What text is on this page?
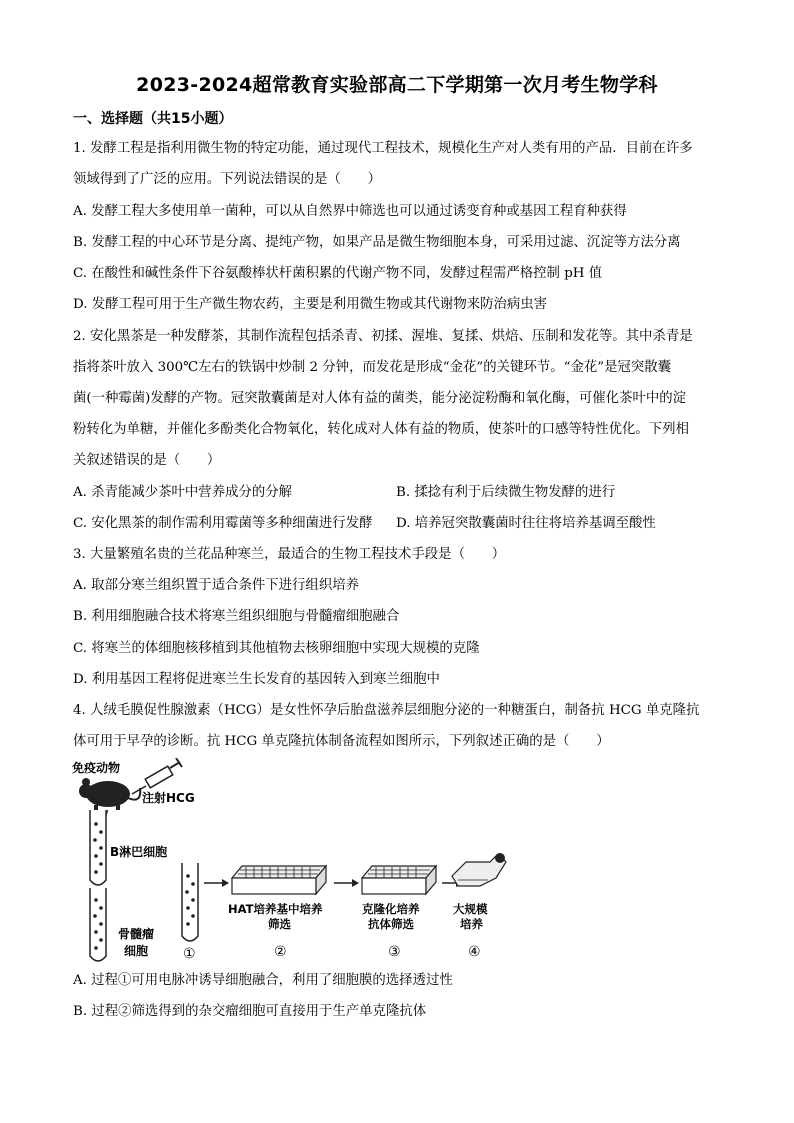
2023-2024超常教育实验部高二下学期第一次月考生物学科
一、选择题（共15小题）
1. 发酵工程是指利用微生物的特定功能，通过现代工程技术，规模化生产对人类有用的产品．目前在许多
领域得到了广泛的应用。下列说法错误的是（　　）
A. 发酵工程大多使用单一菌种，可以从自然界中筛选也可以通过诱变育种或基因工程育种获得
B. 发酵工程的中心环节是分离、提纯产物，如果产品是微生物细胞本身，可采用过滤、沉淀等方法分离
C. 在酸性和碱性条件下谷氨酸棒状杆菌积累的代谢产物不同，发酵过程需严格控制 pH 值
D. 发酵工程可用于生产微生物农药，主要是利用微生物或其代谢物来防治病虫害
2. 安化黑茶是一种发酵茶，其制作流程包括杀青、初揉、渥堆、复揉、烘焙、压制和发花等。其中杀青是
指将茶叶放入 300℃左右的铁锅中炒制 2 分钟，而发花是形成“金花”的关键环节。“金花”是冠突散囊
菌(一种霉菌)发酵的产物。冠突散囊菌是对人体有益的菌类，能分泌淀粉酶和氧化酶，可催化茶叶中的淀
粉转化为单糖，并催化多酚类化合物氧化，转化成对人体有益的物质，使茶叶的口感等特性优化。下列相
关叙述错误的是（　　）
A. 杀青能减少茶叶中营养成分的分解	B. 揉捻有利于后续微生物发酵的进行
C. 安化黑茶的制作需利用霉菌等多种细菌进行发酵 D. 培养冠突散囊菌时往往将培养基调至酸性
3. 大量繁殖名贵的兰花品种寒兰，最适合的生物工程技术手段是（　　）
A. 取部分寒兰组织置于适合条件下进行组织培养
B. 利用细胞融合技术将寒兰组织细胞与骨髓瘤细胞融合
C. 将寒兰的体细胞核移植到其他植物去核卵细胞中实现大规模的克隆
D. 利用基因工程将促进寒兰生长发育的基因转入到寒兰细胞中
4. 人绒毛膜促性腺激素（HCG）是女性怀孕后胎盘滋养层细胞分泌的一种糖蛋白，制备抗 HCG 单克隆抗
体可用于早孕的诊断。抗 HCG 单克隆抗体制备流程如图所示，下列叙述正确的是（　　）
免疫动物
注射HCG
B淋巴细胞
骨髓瘤
细胞 ①
HAT培养基中培养
筛选
②
克隆化培养
抗体筛选
③
大规模
培养
④
A. 过程①可用电脉冲诱导细胞融合，利用了细胞膜的选择透过性
B. 过程②筛选得到的杂交瘤细胞可直接用于生产单克隆抗体
